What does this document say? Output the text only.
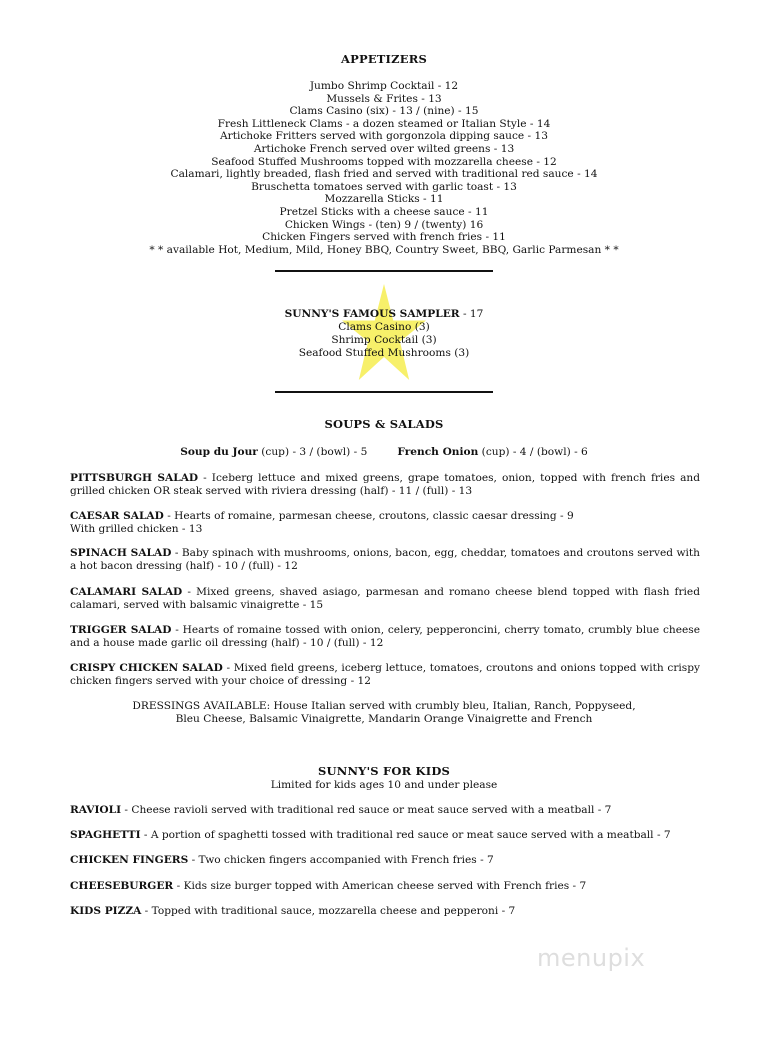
APPETIZERS
Jumbo Shrimp Cocktail - 12
Mussels & Frites - 13
Clams Casino (six) - 13 / (nine) - 15
Fresh Littleneck Clams - a dozen steamed or Italian Style - 14
Artichoke Fritters served with gorgonzola dipping sauce - 13
Artichoke French served over wilted greens - 13
Seafood Stuffed Mushrooms topped with mozzarella cheese - 12
Calamari, lightly breaded, flash fried and served with traditional red sauce - 14
Bruschetta tomatoes served with garlic toast - 13
Mozzarella Sticks - 11
Pretzel Sticks with a cheese sauce - 11
Chicken Wings - (ten) 9 / (twenty) 16
Chicken Fingers served with french fries - 11
* * available Hot, Medium, Mild, Honey BBQ, Country Sweet, BBQ, Garlic Parmesan * *
SUNNY'S FAMOUS SAMPLER - 17
Clams Casino (3)
Shrimp Cocktail (3)
Seafood Stuffed Mushrooms (3)
SOUPS & SALADS
Soup du Jour (cup) - 3 / (bowl) - 5	French Onion (cup) - 4 / (bowl) - 6
PITTSBURGH SALAD - Iceberg lettuce and mixed greens, grape tomatoes, onion, topped with french fries and grilled chicken OR steak served with riviera dressing (half) - 11 / (full) - 13
CAESAR SALAD - Hearts of romaine, parmesan cheese, croutons, classic caesar dressing - 9
With grilled chicken - 13
SPINACH SALAD - Baby spinach with mushrooms, onions, bacon, egg, cheddar, tomatoes and croutons served with a hot bacon dressing (half) - 10 / (full) - 12
CALAMARI SALAD - Mixed greens, shaved asiago, parmesan and romano cheese blend topped with flash fried calamari, served with balsamic vinaigrette - 15
TRIGGER SALAD - Hearts of romaine tossed with onion, celery, pepperoncini, cherry tomato, crumbly blue cheese and a house made garlic oil dressing (half) - 10 / (full) - 12
CRISPY CHICKEN SALAD - Mixed field greens, iceberg lettuce, tomatoes, croutons and onions topped with crispy chicken fingers served with your choice of dressing - 12
DRESSINGS AVAILABLE: House Italian served with crumbly bleu, Italian, Ranch, Poppyseed,
Bleu Cheese, Balsamic Vinaigrette, Mandarin Orange Vinaigrette and French
SUNNY'S FOR KIDS
Limited for kids ages 10 and under please
RAVIOLI - Cheese ravioli served with traditional red sauce or meat sauce served with a meatball - 7
SPAGHETTI - A portion of spaghetti tossed with traditional red sauce or meat sauce served with a meatball - 7
CHICKEN FINGERS - Two chicken fingers accompanied with French fries - 7
CHEESEBURGER - Kids size burger topped with American cheese served with French fries - 7
KIDS PIZZA - Topped with traditional sauce, mozzarella cheese and pepperoni - 7
menupix
